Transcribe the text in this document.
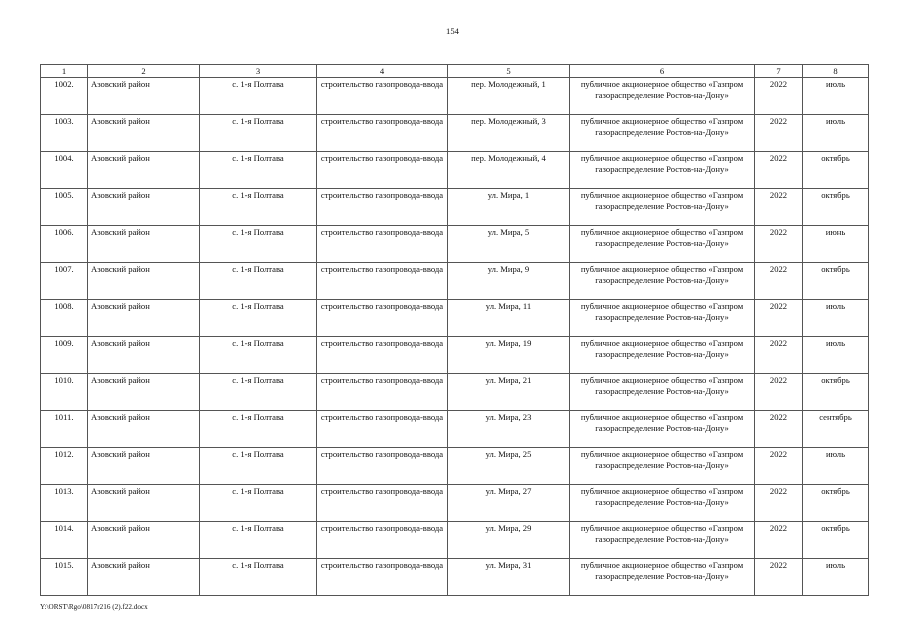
154
1	2	3	4	5	6	7	8
1002.	Азовский район	с. 1-я Полтава	строительство газопровода-ввода	пер. Молодежный, 1	публичное акционерное общество «Газпром газораспределение Ростов-на-Дону»	2022	июль
1003.	Азовский район	с. 1-я Полтава	строительство газопровода-ввода	пер. Молодежный, 3	публичное акционерное общество «Газпром газораспределение Ростов-на-Дону»	2022	июль
1004.	Азовский район	с. 1-я Полтава	строительство газопровода-ввода	пер. Молодежный, 4	публичное акционерное общество «Газпром газораспределение Ростов-на-Дону»	2022	октябрь
1005.	Азовский район	с. 1-я Полтава	строительство газопровода-ввода	ул. Мира, 1	публичное акционерное общество «Газпром газораспределение Ростов-на-Дону»	2022	октябрь
1006.	Азовский район	с. 1-я Полтава	строительство газопровода-ввода	ул. Мира, 5	публичное акционерное общество «Газпром газораспределение Ростов-на-Дону»	2022	июнь
1007.	Азовский район	с. 1-я Полтава	строительство газопровода-ввода	ул. Мира, 9	публичное акционерное общество «Газпром газораспределение Ростов-на-Дону»	2022	октябрь
1008.	Азовский район	с. 1-я Полтава	строительство газопровода-ввода	ул. Мира, 11	публичное акционерное общество «Газпром газораспределение Ростов-на-Дону»	2022	июль
1009.	Азовский район	с. 1-я Полтава	строительство газопровода-ввода	ул. Мира, 19	публичное акционерное общество «Газпром газораспределение Ростов-на-Дону»	2022	июль
1010.	Азовский район	с. 1-я Полтава	строительство газопровода-ввода	ул. Мира, 21	публичное акционерное общество «Газпром газораспределение Ростов-на-Дону»	2022	октябрь
1011.	Азовский район	с. 1-я Полтава	строительство газопровода-ввода	ул. Мира, 23	публичное акционерное общество «Газпром газораспределение Ростов-на-Дону»	2022	сентябрь
1012.	Азовский район	с. 1-я Полтава	строительство газопровода-ввода	ул. Мира, 25	публичное акционерное общество «Газпром газораспределение Ростов-на-Дону»	2022	июль
1013.	Азовский район	с. 1-я Полтава	строительство газопровода-ввода	ул. Мира, 27	публичное акционерное общество «Газпром газораспределение Ростов-на-Дону»	2022	октябрь
1014.	Азовский район	с. 1-я Полтава	строительство газопровода-ввода	ул. Мира, 29	публичное акционерное общество «Газпром газораспределение Ростов-на-Дону»	2022	октябрь
1015.	Азовский район	с. 1-я Полтава	строительство газопровода-ввода	ул. Мира, 31	публичное акционерное общество «Газпром газораспределение Ростов-на-Дону»	2022	июль
Y:\ORST\Rgo\0817r216 (2).f22.docx
